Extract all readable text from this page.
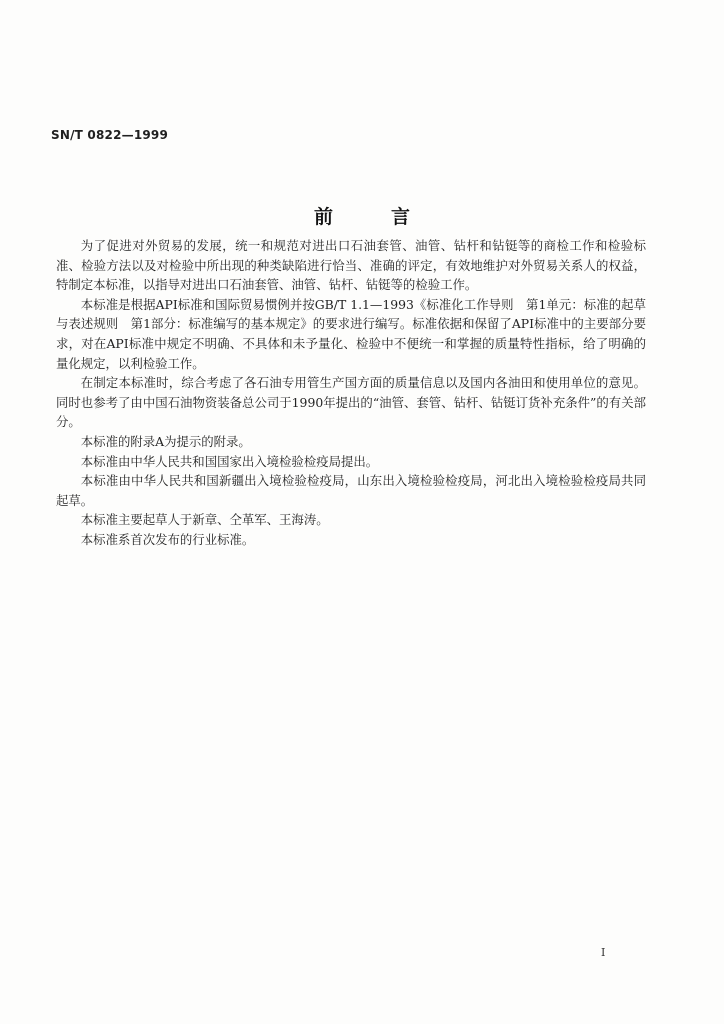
SN/T 0822—1999
前言

为了促进对外贸易的发展，统一和规范对进出口石油套管、油管、钻杆和钻铤等的商检工作和检验标准、检验方法以及对检验中所出现的种类缺陷进行恰当、准确的评定，有效地维护对外贸易关系人的权益，特制定本标准，以指导对进出口石油套管、油管、钻杆、钻铤等的检验工作。

本标准是根据API标准和国际贸易惯例并按GB/T 1.1—1993《标准化工作导则　第1单元：标准的起草与表述规则　第1部分：标准编写的基本规定》的要求进行编写。标准依据和保留了API标准中的主要部分要求，对在API标准中规定不明确、不具体和未予量化、检验中不便统一和掌握的质量特性指标，给了明确的量化规定，以利检验工作。

在制定本标准时，综合考虑了各石油专用管生产国方面的质量信息以及国内各油田和使用单位的意见。同时也参考了由中国石油物资装备总公司于1990年提出的“油管、套管、钻杆、钻铤订货补充条件”的有关部分。

本标准的附录A为提示的附录。

本标准由中华人民共和国国家出入境检验检疫局提出。

本标准由中华人民共和国新疆出入境检验检疫局，山东出入境检验检疫局，河北出入境检验检疫局共同起草。

本标准主要起草人于新章、仝革军、王海涛。

本标准系首次发布的行业标准。

I
